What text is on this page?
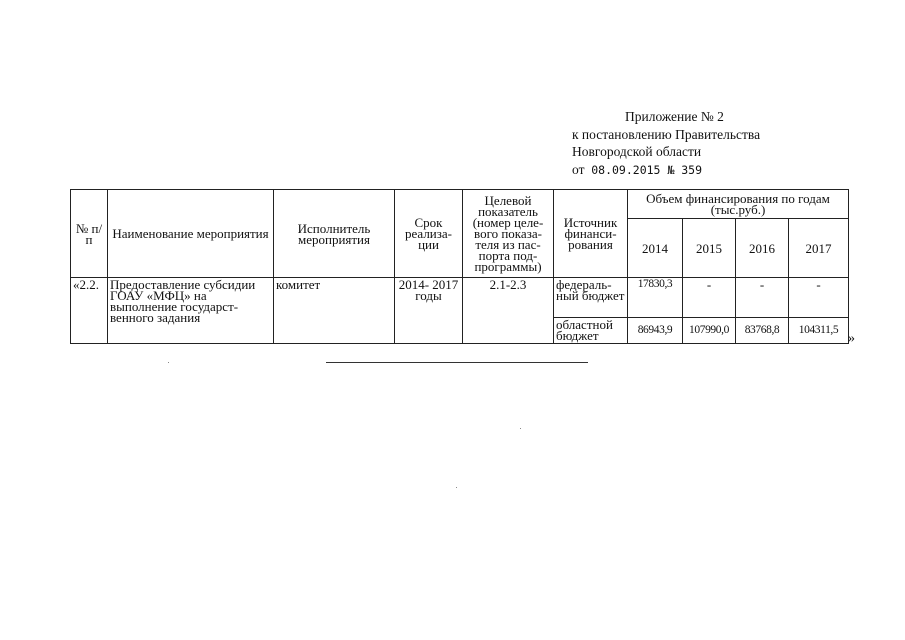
Приложение № 2
к постановлению Правительства
Новгородской области
от 08.09.2015 № 359
№ п/п	Наименование мероприятия	Исполнитель мероприятия	Срок реализа- ции	Целевой показатель (номер целе- вого показа- теля из пас- порта под- программы)	Источник финанси- рования	Объем финансирования по годам (тыс.руб.)			
						2014	2015	2016	2017
«2.2.	Предоставление субсидии ГОАУ «МФЦ» на выполнение государст- венного задания	комитет	2014- 2017 годы	2.1-2.3	федераль- ный бюджет	17830,3	-	-	-
					областной бюджет	86943,9	107990,0	83768,8	104311,5
»
